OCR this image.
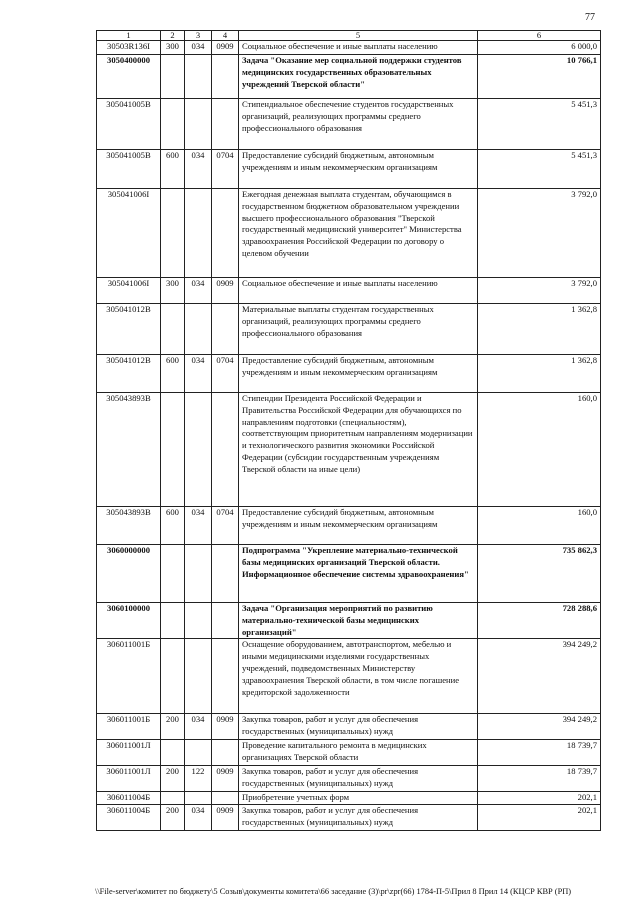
77
1	2	3	4	5	6
30503R136I	300	034	0909	Социальное обеспечение и иные выплаты населению	6 000,0
3050400000				Задача "Оказание мер социальной поддержки студентов медицинских государственных образовательных учреждений Тверской области"	10 766,1
305041005В				Стипендиальное обеспечение студентов государственных организаций, реализующих программы среднего профессионального образования	5 451,3
305041005В	600	034	0704	Предоставление субсидий бюджетным, автономным учреждениям и иным некоммерческим организациям	5 451,3
305041006I				Ежегодная денежная выплата студентам, обучающимся в государственном бюджетном образовательном учреждении высшего профессионального образования "Тверской государственный медицинский университет" Министерства здравоохранения Российской Федерации по договору о целевом обучении	3 792,0
305041006I	300	034	0909	Социальное обеспечение и иные выплаты населению	3 792,0
305041012В				Материальные выплаты студентам государственных организаций, реализующих программы среднего профессионального образования	1 362,8
305041012В	600	034	0704	Предоставление субсидий бюджетным, автономным учреждениям и иным некоммерческим организациям	1 362,8
305043893В				Стипендии Президента Российской Федерации и Правительства Российской Федерации для обучающихся по направлениям подготовки (специальностям), соответствующим приоритетным направлениям модернизации и технологического развития экономики Российской Федерации (субсидии государственным учреждениям Тверской области на иные цели)	160,0
305043893В	600	034	0704	Предоставление субсидий бюджетным, автономным учреждениям и иным некоммерческим организациям	160,0
3060000000				Подпрограмма "Укрепление материально-технической базы медицинских организаций Тверской области. Информационное обеспечение системы здравоохранения"	735 862,3
3060100000				Задача "Организация мероприятий по развитию материально-технической базы медицинских организаций"	728 288,6
306011001Б				Оснащение оборудованием, автотранспортом, мебелью и иными медицинскими изделиями государственных учреждений, подведомственных Министерству здравоохранения Тверской области, в том числе погашение кредиторской задолженности	394 249,2
306011001Б	200	034	0909	Закупка товаров, работ и услуг для обеспечения государственных (муниципальных) нужд	394 249,2
306011001Л				Проведение капитального ремонта в медицинских организациях Тверской области	18 739,7
306011001Л	200	122	0909	Закупка товаров, работ и услуг для обеспечения государственных (муниципальных) нужд	18 739,7
306011004Б				Приобретение учетных форм	202,1
306011004Б	200	034	0909	Закупка товаров, работ и услуг для обеспечения государственных (муниципальных) нужд	202,1
\\File-server\комитет по бюджету\5 Созыв\документы комитета\66 заседание (3)\pr\zpr(66) 1784-П-5\Прил 8 Прил 14 (КЦСР КВР (РП)
